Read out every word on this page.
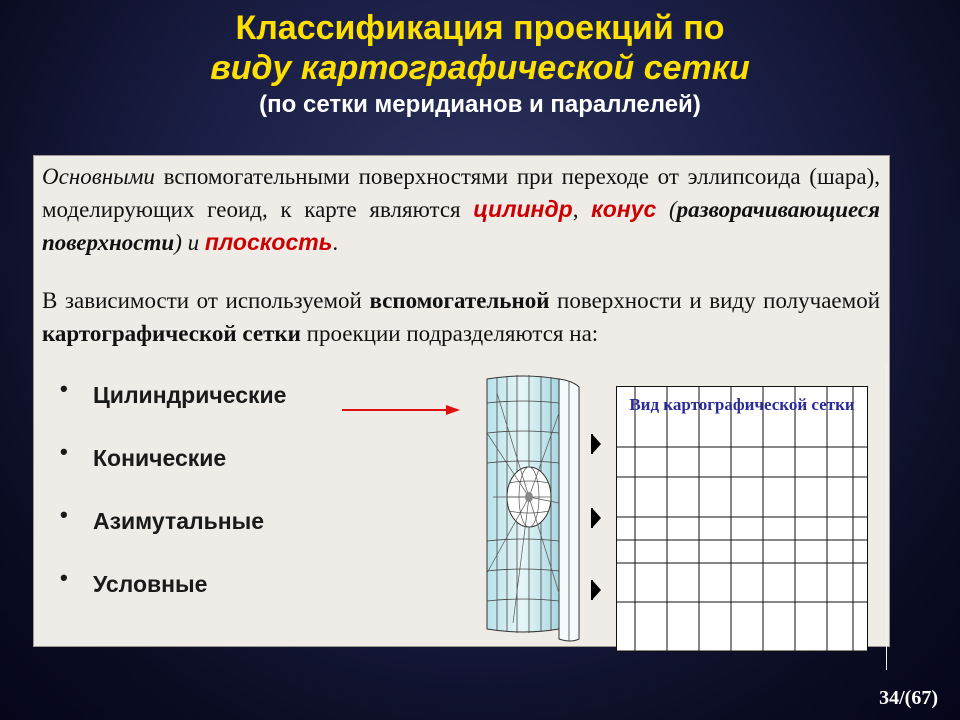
Классификация проекций по
виду картографической сетки
(по сетки меридианов и параллелей)
Основными вспомогательными поверхностями при переходе от эллипсоида (шара), моделирующих геоид, к карте являются цилиндр, конус (разворачивающиеся поверхности) и плоскость.
В зависимости от используемой вспомогательной поверхности и виду получаемой картографической сетки проекции подразделяются на:
• Цилиндрические
• Конические
• Азимутальные
• Условные
Вид картографической сетки
34/(67)
